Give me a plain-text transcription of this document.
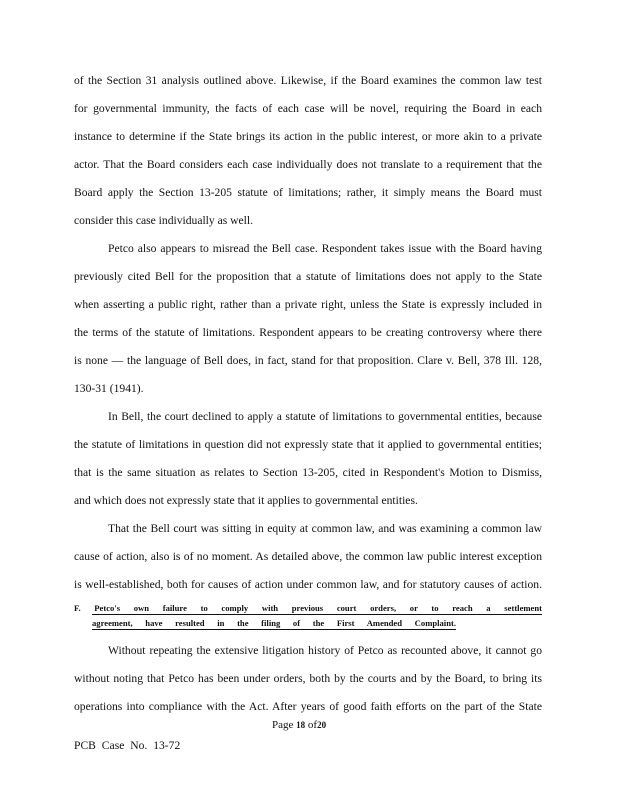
of the Section 31 analysis outlined above. Likewise, if the Board examines the common law test
for governmental immunity, the facts of each case will be novel, requiring the Board in each
instance to determine if the State brings its action in the public interest, or more akin to a private
actor. That the Board considers each case individually does not translate to a requirement that the
Board apply the Section 13-205 statute of limitations; rather, it simply means the Board must
consider this case individually as well.
Petco also appears to misread the Bell case. Respondent takes issue with the Board having
previously cited Bell for the proposition that a statute of limitations does not apply to the State
when asserting a public right, rather than a private right, unless the State is expressly included in
the terms of the statute of limitations. Respondent appears to be creating controversy where there
is none — the language of Bell does, in fact, stand for that proposition. Clare v. Bell, 378 Ill. 128,
130-31 (1941).
In Bell, the court declined to apply a statute of limitations to governmental entities, because
the statute of limitations in question did not expressly state that it applied to governmental entities;
that is the same situation as relates to Section 13-205, cited in Respondent's Motion to Dismiss,
and which does not expressly state that it applies to governmental entities.
That the Bell court was sitting in equity at common law, and was examining a common law
cause of action, also is of no moment. As detailed above, the common law public interest exception
is well-established, both for causes of action under common law, and for statutory causes of action.
F. Petco's own failure to comply with previous court orders, or to reach a settlement
agreement, have resulted in the filing of the First Amended Complaint.
Without repeating the extensive litigation history of Petco as recounted above, it cannot go
without noting that Petco has been under orders, both by the courts and by the Board, to bring its
operations into compliance with the Act. After years of good faith efforts on the part of the State
Page 18 of20
PCB Case No. 13-72
